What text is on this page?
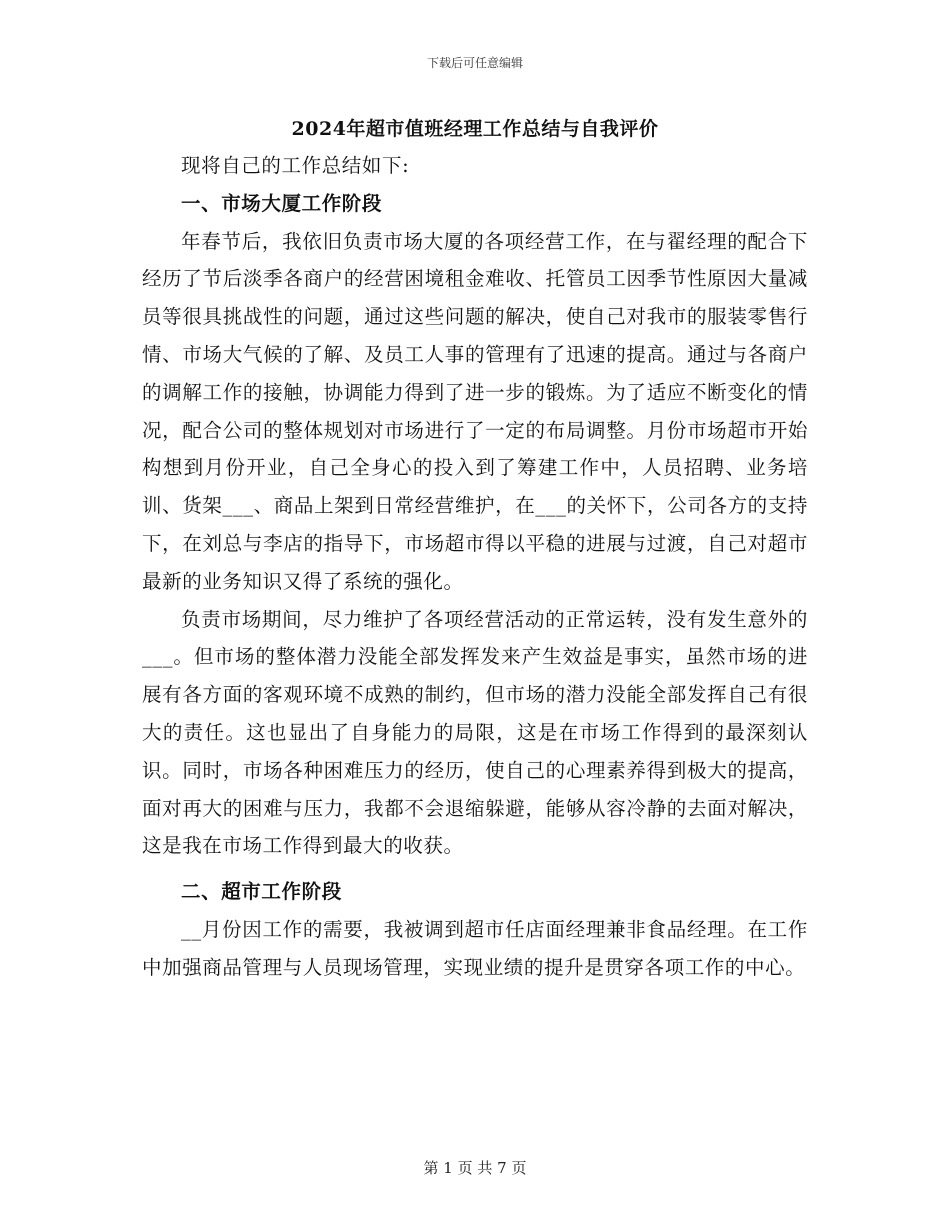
下载后可任意编辑
2024年超市值班经理工作总结与自我评价

现将自己的工作总结如下:

一、市场大厦工作阶段

年春节后，我依旧负责市场大厦的各项经营工作，在与翟经理的配合下经历了节后淡季各商户的经营困境租金难收、托管员工因季节性原因大量减员等很具挑战性的问题，通过这些问题的解决，使自己对我市的服装零售行情、市场大气候的了解、及员工人事的管理有了迅速的提高。通过与各商户的调解工作的接触，协调能力得到了进一步的锻炼。为了适应不断变化的情况，配合公司的整体规划对市场进行了一定的布局调整。月份市场超市开始构想到月份开业，自己全身心的投入到了筹建工作中，人员招聘、业务培训、货架___、商品上架到日常经营维护，在___的关怀下，公司各方的支持下，在刘总与李店的指导下，市场超市得以平稳的进展与过渡，自己对超市最新的业务知识又得了系统的强化。

负责市场期间，尽力维护了各项经营活动的正常运转，没有发生意外的___。但市场的整体潜力没能全部发挥发来产生效益是事实，虽然市场的进展有各方面的客观环境不成熟的制约，但市场的潜力没能全部发挥自己有很大的责任。这也显出了自身能力的局限，这是在市场工作得到的最深刻认识。同时，市场各种困难压力的经历，使自己的心理素养得到极大的提高，面对再大的困难与压力，我都不会退缩躲避，能够从容冷静的去面对解决，这是我在市场工作得到最大的收获。

二、超市工作阶段

__月份因工作的需要，我被调到超市任店面经理兼非食品经理。在工作中加强商品管理与人员现场管理，实现业绩的提升是贯穿各项工作的中心。

第 1 页 共 7 页
